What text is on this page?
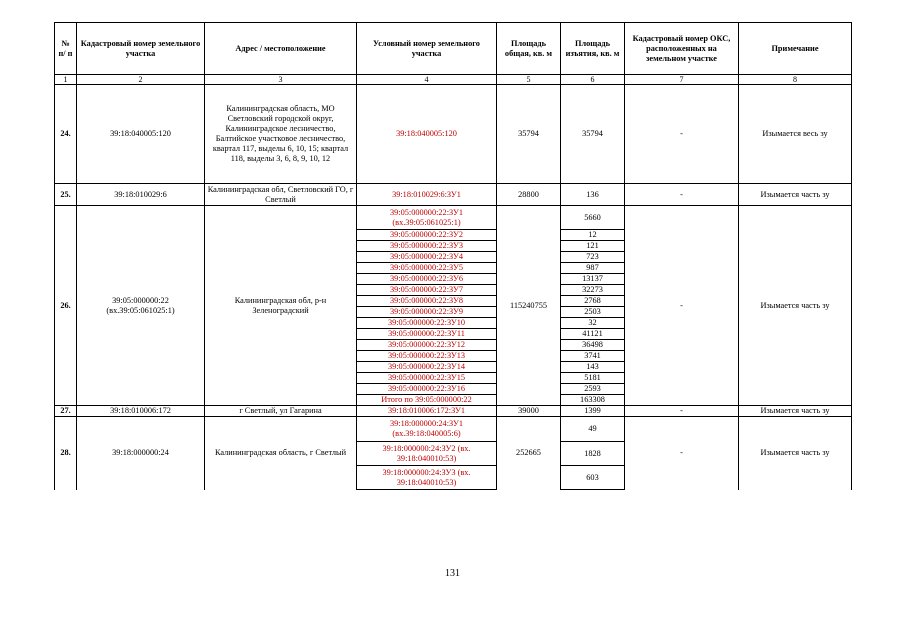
№ п/ п	Кадастровый номер земельного участка	Адрес / местоположение	Условный номер земельного участка	Площадь общая, кв. м	Площадь изъятия, кв. м	Кадастровый номер ОКС, расположенных на земельном участке	Примечание
1	2	3	4	5	6	7	8
24.	39:18:040005:120	Калининградская область, МО Светловский городской округ, Калининградское лесничество, Балтийское участковое лесничество, квартал 117, выделы 6, 10, 15; квартал 118, выделы 3, 6, 8, 9, 10, 12	39:18:040005:120	35794	35794	-	Изымается весь зу
25.	39:18:010029:6	Калининградская обл, Светловский ГО, г Светлый	39:18:010029:6:ЗУ1	28800	136	-	Изымается часть зу
26.	39:05:000000:22 (вх.39:05:061025:1)	Калининградская обл, р-н Зеленоградский	39:05:000000:22:ЗУ1 (вх.39:05:061025:1)	115240755	5660	-	Изымается часть зу
			39:05:000000:22:ЗУ2		12		
			39:05:000000:22:ЗУ3		121		
			39:05:000000:22:ЗУ4		723		
			39:05:000000:22:ЗУ5		987		
			39:05:000000:22:ЗУ6		13137		
			39:05:000000:22:ЗУ7		32273		
			39:05:000000:22:ЗУ8		2768		
			39:05:000000:22:ЗУ9		2503		
			39:05:000000:22:ЗУ10		32		
			39:05:000000:22:ЗУ11		41121		
			39:05:000000:22:ЗУ12		36498		
			39:05:000000:22:ЗУ13		3741		
			39:05:000000:22:ЗУ14		143		
			39:05:000000:22:ЗУ15		5181		
			39:05:000000:22:ЗУ16		2593		
			Итого по 39:05:000000:22		163308		
27.	39:18:010006:172	г Светлый, ул Гагарина	39:18:010006:172:ЗУ1	39000	1399	-	Изымается часть зу
28.	39:18:000000:24	Калининградская область, г Светлый	39:18:000000:24:ЗУ1 (вх.39:18:040005:6)	252665	49	-	Изымается часть зу
			39:18:000000:24:ЗУ2 (вх. 39:18:040010:53)		1828		
			39:18:000000:24:ЗУ3 (вх. 39:18:040010:53)		603		
131
